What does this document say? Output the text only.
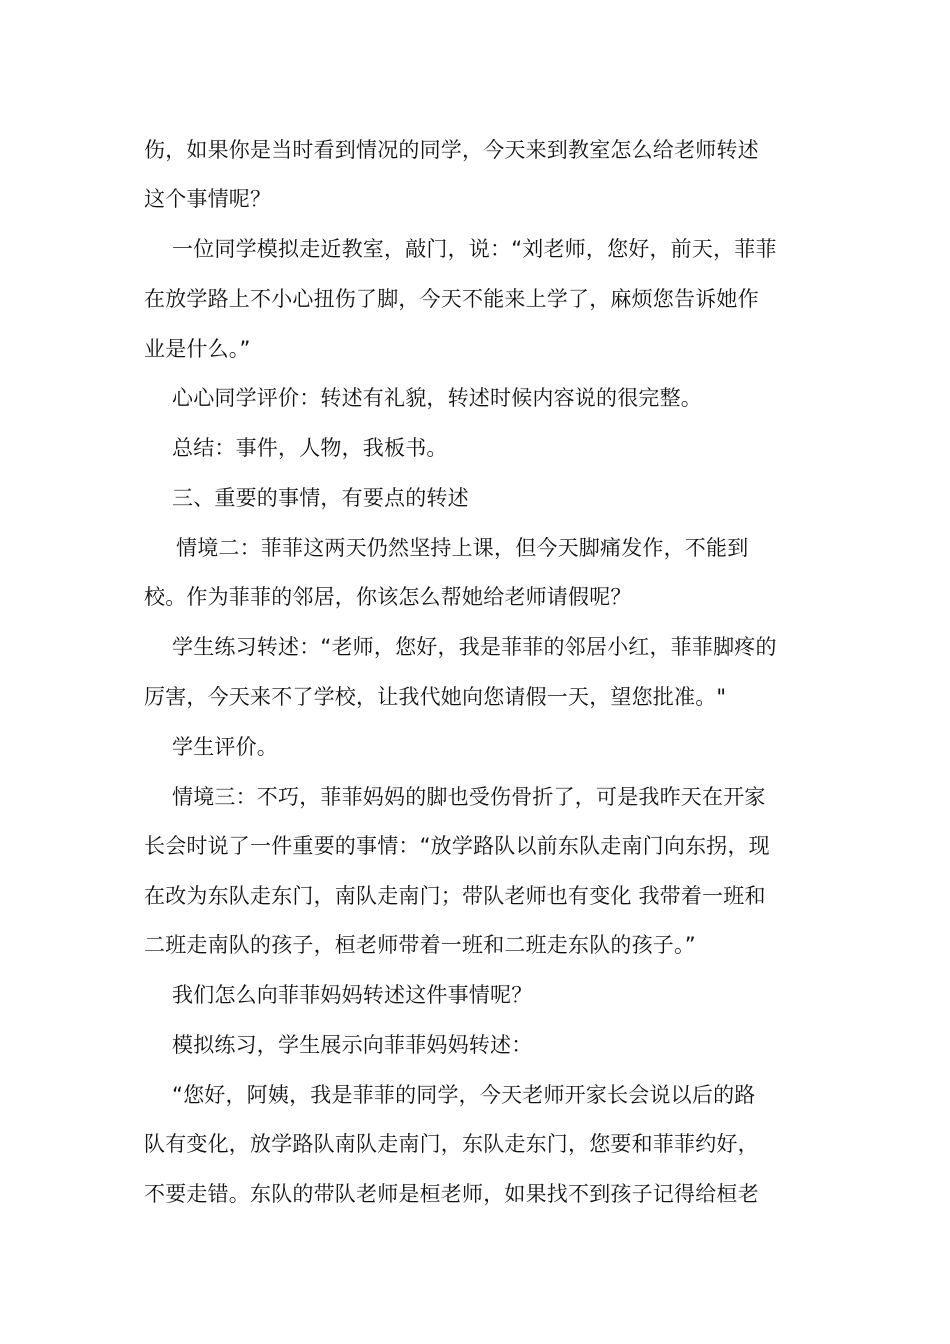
伤，如果你是当时看到情况的同学，今天来到教室怎么给老师转述
这个事情呢？
一位同学模拟走近教室，敲门，说：“刘老师，您好，前天，菲菲
在放学路上不小心扭伤了脚，今天不能来上学了，麻烦您告诉她作
业是什么。”
心心同学评价：转述有礼貌，转述时候内容说的很完整。
总结：事件，人物，我板书。
三、重要的事情，有要点的转述
情境二：菲菲这两天仍然坚持上课，但今天脚痛发作，不能到
校。作为菲菲的邻居，你该怎么帮她给老师请假呢？
学生练习转述：“老师，您好，我是菲菲的邻居小红，菲菲脚疼的
厉害，今天来不了学校，让我代她向您请假一天，望您批准。"
学生评价。
情境三：不巧，菲菲妈妈的脚也受伤骨折了，可是我昨天在开家
长会时说了一件重要的事情：“放学路队以前东队走南门向东拐，现
在改为东队走东门，南队走南门；带队老师也有变化 我带着一班和
二班走南队的孩子，桓老师带着一班和二班走东队的孩子。”
我们怎么向菲菲妈妈转述这件事情呢？
模拟练习，学生展示向菲菲妈妈转述：
“您好，阿姨，我是菲菲的同学，今天老师开家长会说以后的路
队有变化，放学路队南队走南门，东队走东门，您要和菲菲约好，
不要走错。东队的带队老师是桓老师，如果找不到孩子记得给桓老
